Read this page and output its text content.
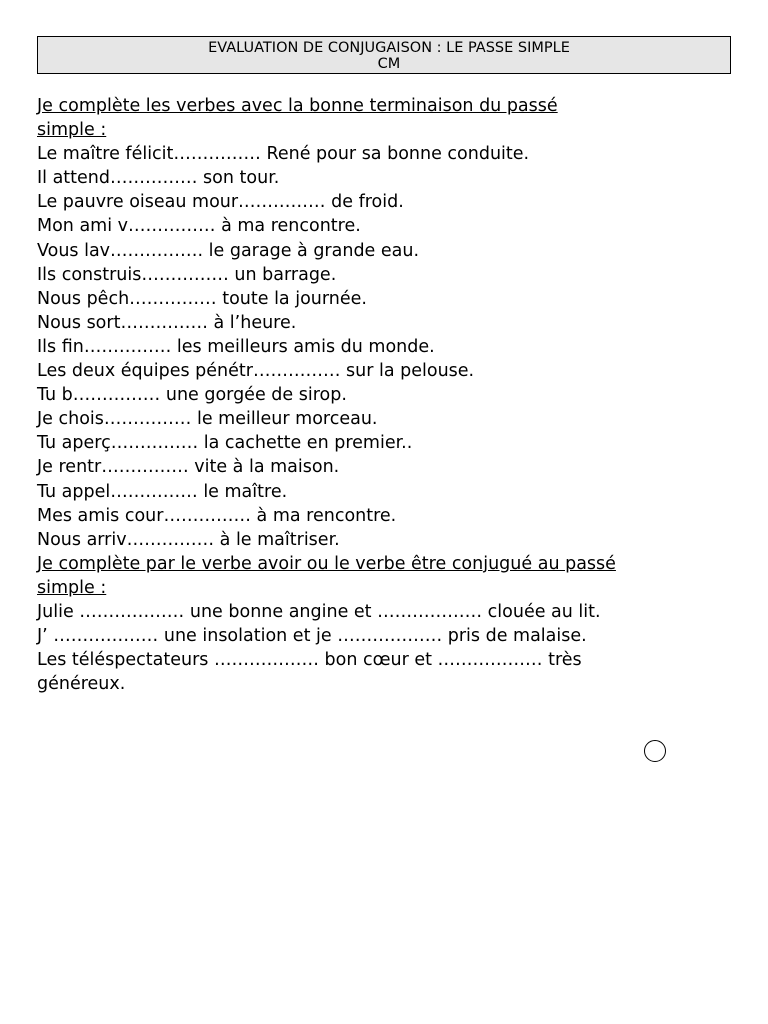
EVALUATION DE CONJUGAISON : LE PASSE SIMPLE
CM
Je complète les verbes avec la bonne terminaison du passé
simple :
Le maître félicit…………… René pour sa bonne conduite.
Il attend…………… son tour.
Le pauvre oiseau mour…………… de froid.
Mon ami v…………… à ma rencontre.
Vous lav……………. le garage à grande eau.
Ils construis…………… un barrage.
Nous pêch…………… toute la journée.
Nous sort…………… à l’heure.
Ils fin…………… les meilleurs amis du monde.
Les deux équipes pénétr…………… sur la pelouse.
Tu b…………… une gorgée de sirop.
Je chois…………… le meilleur morceau.
Tu aperç…………… la cachette en premier..
Je rentr…………… vite à la maison.
Tu appel…………… le maître.
Mes amis cour…………… à ma rencontre.
Nous arriv…………… à le maîtriser.
Je complète par le verbe avoir ou le verbe être conjugué au passé
simple :
Julie ……………… une bonne angine et ……………… clouée au lit.
J’ ……………… une insolation et je ……………… pris de malaise.
Les téléspectateurs ……………… bon cœur et ……………… très
généreux.
